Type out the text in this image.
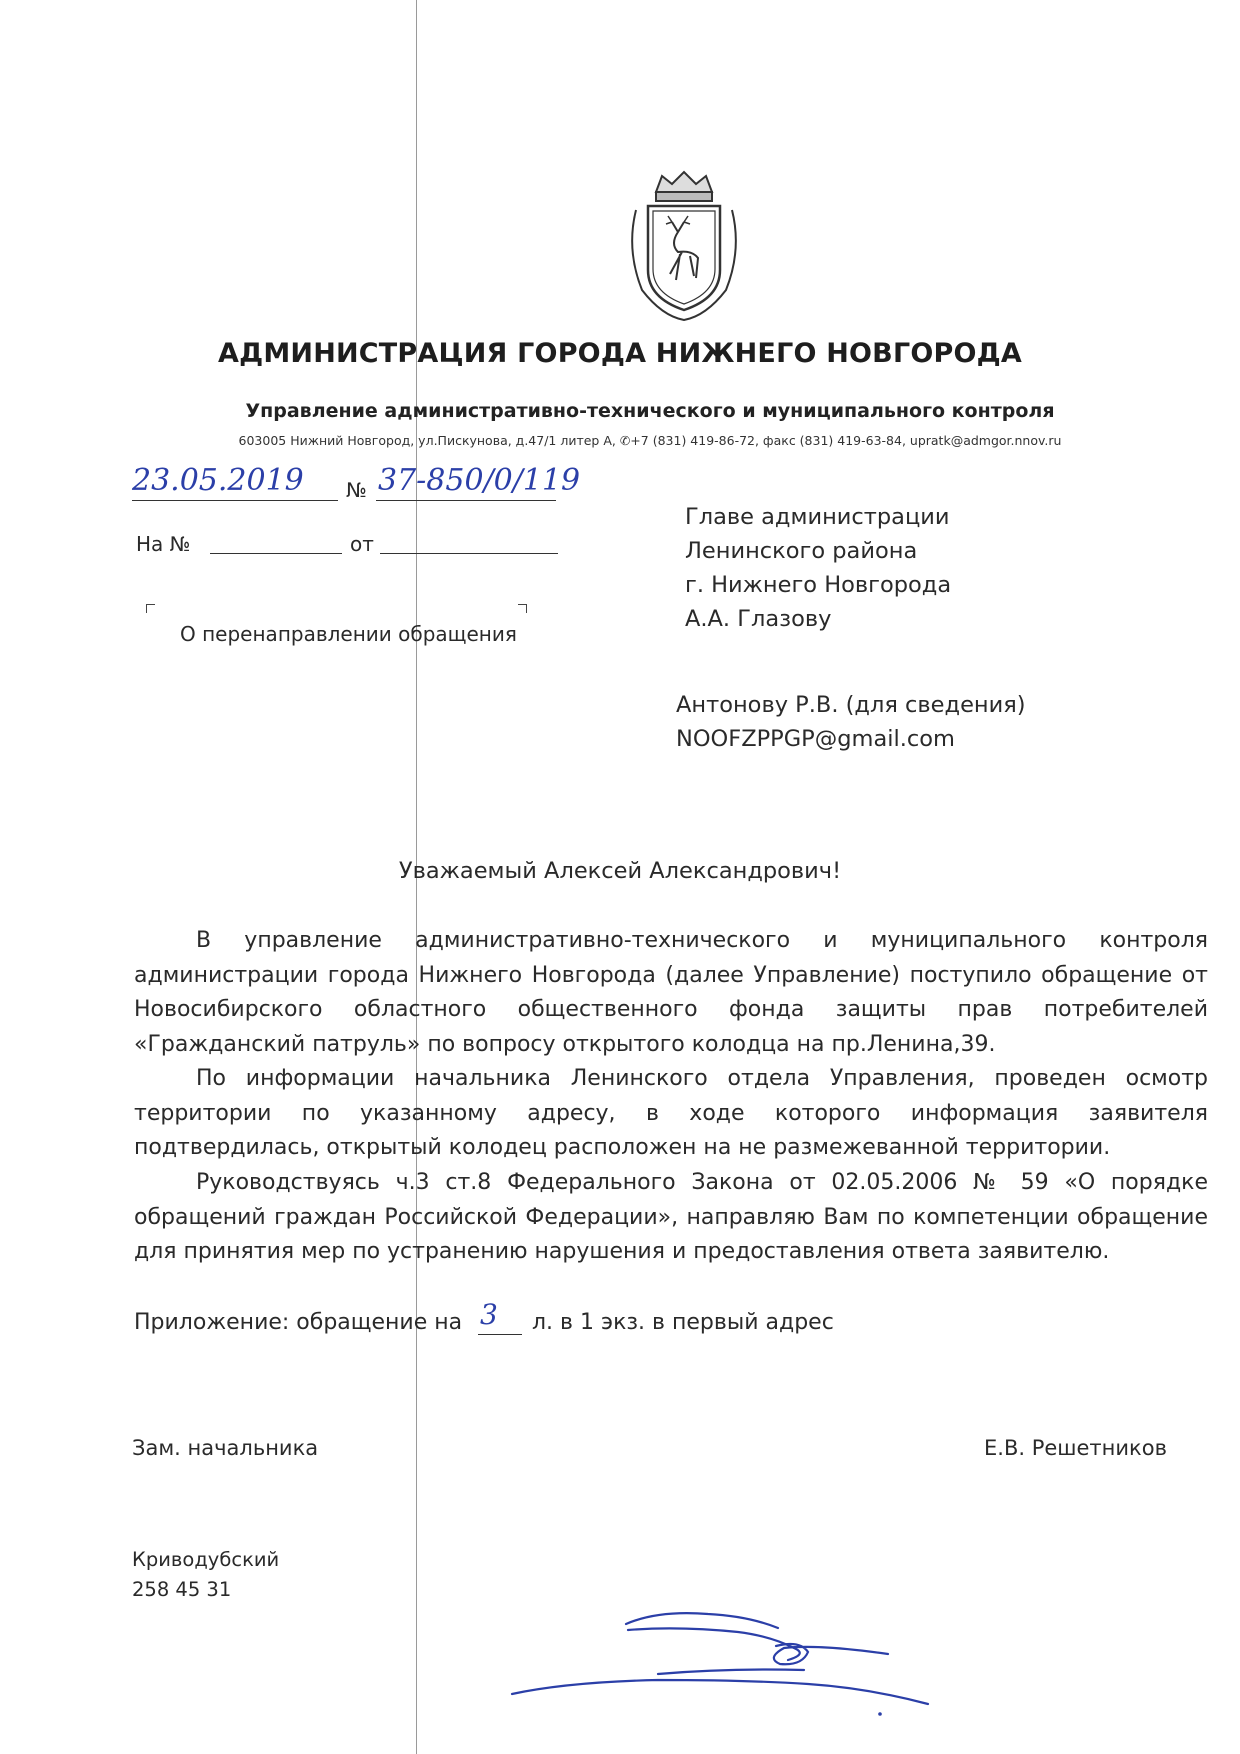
АДМИНИСТРАЦИЯ ГОРОДА НИЖНЕГО НОВГОРОДА
Управление административно-технического и муниципального контроля
603005 Нижний Новгород, ул.Пискунова, д.47/1 литер А, ✆+7 (831) 419-86-72, факс (831) 419-63-84, upratk@admgor.nnov.ru
23.05.2019 № 37-850/0/119
На №	от
О перенаправлении обращения
Главе администрации
Ленинского района
г. Нижнего Новгорода
А.А. Глазову
Антонову Р.В. (для сведения)
NOOFZPPGP@gmail.com
Уважаемый Алексей Александрович!
В управление административно-технического и муниципального контроля администрации города Нижнего Новгорода (далее Управление) поступило обращение от Новосибирского областного общественного фонда защиты прав потребителей «Гражданский патруль» по вопросу открытого колодца на пр.Ленина,39.
По информации начальника Ленинского отдела Управления, проведен осмотр территории по указанному адресу, в ходе которого информация заявителя подтвердилась, открытый колодец расположен на не размежеванной территории.
Руководствуясь ч.3 ст.8 Федерального Закона от 02.05.2006 № 59 «О порядке обращений граждан Российской Федерации», направляю Вам по компетенции обращение для принятия мер по устранению нарушения и предоставления ответа заявителю.
Приложение: обращение на 3 л. в 1 экз. в первый адрес
Зам. начальника	Е.В. Решетников
Криводубский
258 45 31
